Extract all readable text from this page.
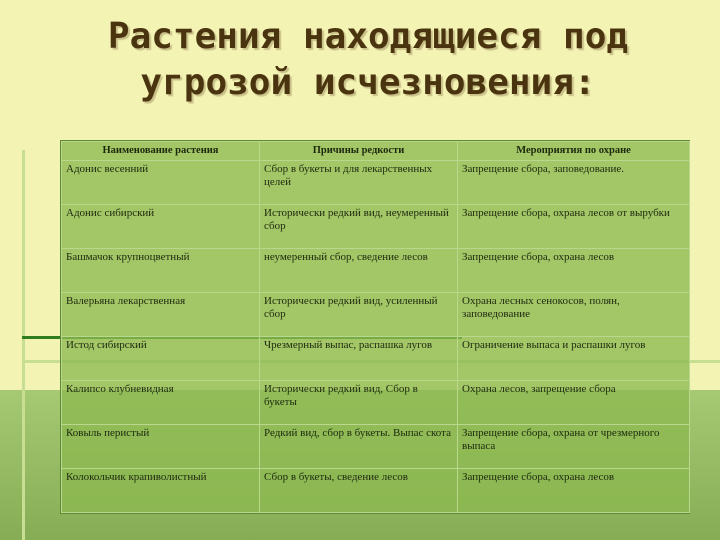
Растения находящиеся под угрозой исчезновения:
Наименование растения	Причины редкости	Мероприятия по охране
Адонис весенний	Сбор в букеты и для лекарственных целей	Запрещение сбора, заповедование.
Адонис сибирский	Исторически редкий вид, неумеренный сбор	Запрещение сбора, охрана лесов от вырубки
Башмачок крупноцветный	неумеренный сбор, сведение лесов	Запрещение сбора, охрана лесов
Валерьяна лекарственная	Исторически редкий вид, усиленный сбор	Охрана лесных сенокосов, полян, заповедование
Истод сибирский	Чрезмерный выпас, распашка лугов	Ограничение выпаса и распашки лугов
Калипсо клубневидная	Исторически редкий вид, Сбор в букеты	Охрана лесов, запрещение сбора
Ковыль перистый	Редкий вид, сбор в букеты. Выпас скота	Запрещение сбора, охрана от чрезмерного выпаса
Колокольчик крапиволистный	Сбор в букеты, сведение лесов	Запрещение сбора, охрана лесов
